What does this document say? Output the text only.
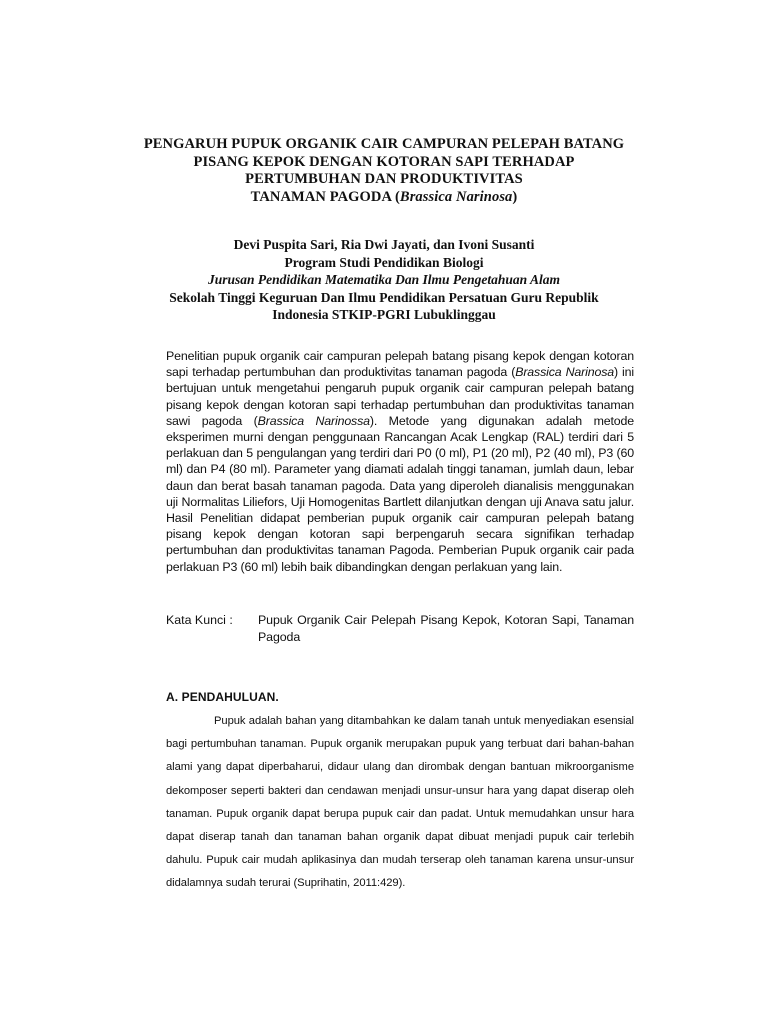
PENGARUH PUPUK ORGANIK CAIR CAMPURAN PELEPAH BATANG
PISANG KEPOK DENGAN KOTORAN SAPI TERHADAP
PERTUMBUHAN DAN PRODUKTIVITAS
TANAMAN PAGODA (Brassica Narinosa)
Devi Puspita Sari, Ria Dwi Jayati, dan Ivoni Susanti
Program Studi Pendidikan Biologi
Jurusan Pendidikan Matematika Dan Ilmu Pengetahuan Alam
Sekolah Tinggi Keguruan Dan Ilmu Pendidikan Persatuan Guru Republik
Indonesia STKIP-PGRI Lubuklinggau
Penelitian pupuk organik cair campuran pelepah batang pisang kepok dengan kotoran sapi terhadap pertumbuhan dan produktivitas tanaman pagoda (Brassica Narinosa) ini bertujuan untuk mengetahui pengaruh pupuk organik cair campuran pelepah batang pisang kepok dengan kotoran sapi terhadap pertumbuhan dan produktivitas tanaman sawi pagoda (Brassica Narinossa). Metode yang digunakan adalah metode eksperimen murni dengan penggunaan Rancangan Acak Lengkap (RAL) terdiri dari 5 perlakuan dan 5 pengulangan yang terdiri dari P0 (0 ml), P1 (20 ml), P2 (40 ml), P3 (60 ml) dan P4 (80 ml). Parameter yang diamati adalah tinggi tanaman, jumlah daun, lebar daun dan berat basah tanaman pagoda. Data yang diperoleh dianalisis menggunakan uji Normalitas Liliefors, Uji Homogenitas Bartlett dilanjutkan dengan uji Anava satu jalur. Hasil Penelitian didapat pemberian pupuk organik cair campuran pelepah batang pisang kepok dengan kotoran sapi berpengaruh secara signifikan terhadap pertumbuhan dan produktivitas tanaman Pagoda. Pemberian Pupuk organik cair pada perlakuan P3 (60 ml) lebih baik dibandingkan dengan perlakuan yang lain.
Kata Kunci :	Pupuk Organik Cair Pelepah Pisang Kepok, Kotoran Sapi, Tanaman Pagoda
A. PENDAHULUAN.
Pupuk adalah bahan yang ditambahkan ke dalam tanah untuk menyediakan esensial bagi pertumbuhan tanaman. Pupuk organik merupakan pupuk yang terbuat dari bahan-bahan alami yang dapat diperbaharui, didaur ulang dan dirombak dengan bantuan mikroorganisme dekomposer seperti bakteri dan cendawan menjadi unsur-unsur hara yang dapat diserap oleh tanaman. Pupuk organik dapat berupa pupuk cair dan padat. Untuk memudahkan unsur hara dapat diserap tanah dan tanaman bahan organik dapat dibuat menjadi pupuk cair terlebih dahulu. Pupuk cair mudah aplikasinya dan mudah terserap oleh tanaman karena unsur-unsur didalamnya sudah terurai (Suprihatin, 2011:429).
